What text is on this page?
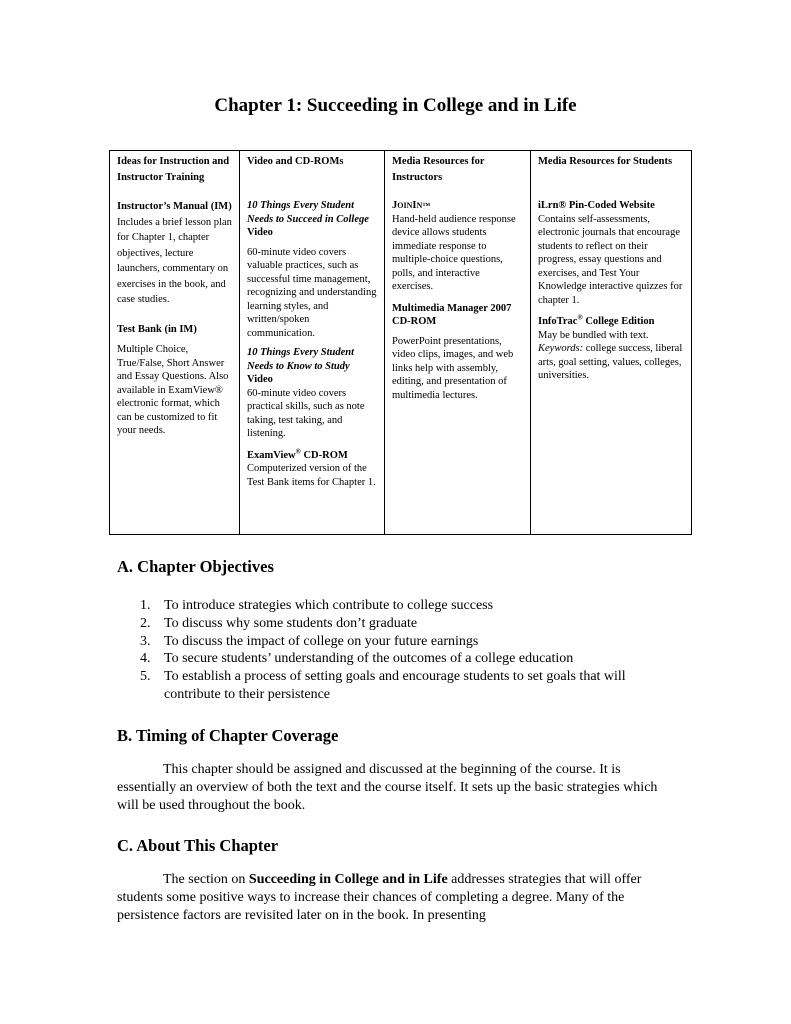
Chapter 1: Succeeding in College and in Life
Ideas for Instruction and Instructor Training

Instructor’s Manual (IM)

Includes a brief lesson plan for Chapter 1, chapter objectives, lecture launchers, commentary on exercises in the book, and case studies.

Test Bank (in IM)

Multiple Choice, True/False, Short Answer and Essay Questions. Also available in ExamView® electronic format, which can be customized to fit your needs.

Video and CD-ROMs

10 Things Every Student Needs to Succeed in College Video

60-minute video covers valuable practices, such as successful time management, recognizing and understanding learning styles, and written/spoken communication.

10 Things Every Student Needs to Know to Study
Video

60-minute video covers practical skills, such as note taking, test taking, and listening.

ExamView® CD-ROM

Computerized version of the Test Bank items for Chapter 1.

Media Resources for Instructors

JOININ™

Hand-held audience response device allows students immediate response to multiple-choice questions, polls, and interactive exercises.

Multimedia Manager 2007 CD-ROM

PowerPoint presentations, video clips, images, and web links help with assembly, editing, and presentation of multimedia lectures.

Media Resources for Students

iLrn® Pin-Coded Website

Contains self-assessments, electronic journals that encourage students to reflect on their progress, essay questions and exercises, and Test Your Knowledge interactive quizzes for chapter 1.

InfoTrac® College Edition

May be bundled with text.
Keywords: college success, liberal arts, goal setting, values, colleges, universities.

A. Chapter Objectives
1. To introduce strategies which contribute to college success
2. To discuss why some students don’t graduate
3. To discuss the impact of college on your future earnings
4. To secure students’ understanding of the outcomes of a college education
5. To establish a process of setting goals and encourage students to set goals that will contribute to their persistence
B. Timing of Chapter Coverage

This chapter should be assigned and discussed at the beginning of the course. It is essentially an overview of both the text and the course itself. It sets up the basic strategies which will be used throughout the book.

C. About This Chapter

The section on Succeeding in College and in Life addresses strategies that will offer students some positive ways to increase their chances of completing a degree. Many of the persistence factors are revisited later on in the book. In presenting
